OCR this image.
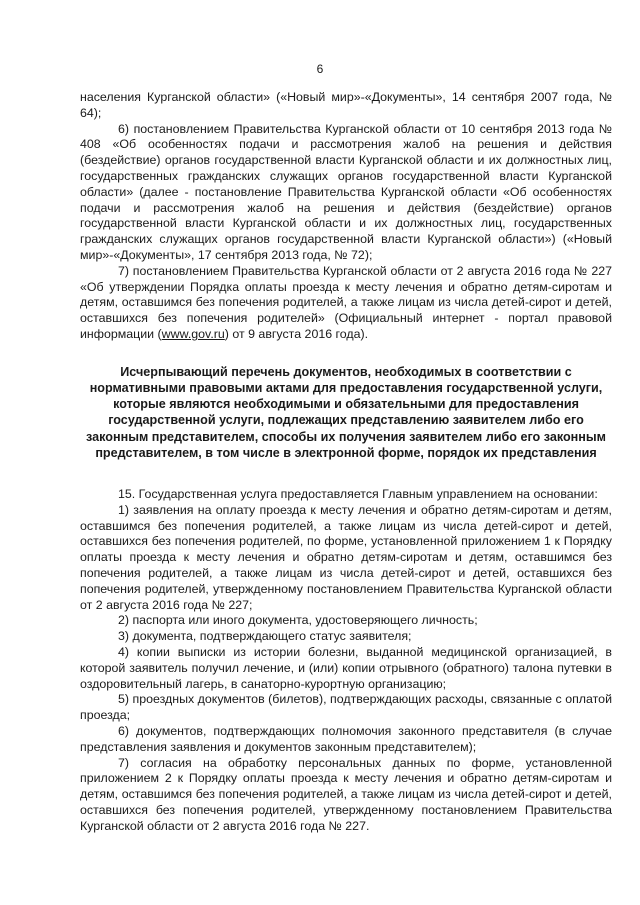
6

населения Курганской области» («Новый мир»-«Документы», 14 сентября 2007 года, № 64);

6) постановлением Правительства Курганской области от 10 сентября 2013 года № 408 «Об особенностях подачи и рассмотрения жалоб на решения и действия (бездействие) органов государственной власти Курганской области и их должностных лиц, государственных гражданских служащих органов государственной власти Курганской области» (далее - постановление Правительства Курганской области «Об особенностях подачи и рассмотрения жалоб на решения и действия (бездействие) органов государственной власти Курганской области и их должностных лиц, государственных гражданских служащих органов государственной власти Курганской области») («Новый мир»-«Документы», 17 сентября 2013 года, № 72);

7) постановлением Правительства Курганской области от 2 августа 2016 года № 227 «Об утверждении Порядка оплаты проезда к месту лечения и обратно детям-сиротам и детям, оставшимся без попечения родителей, а также лицам из числа детей-сирот и детей, оставшихся без попечения родителей» (Официальный интернет - портал правовой информации (www.gov.ru) от 9 августа 2016 года).

Исчерпывающий перечень документов, необходимых в соответствии с нормативными правовыми актами для предоставления государственной услуги, которые являются необходимыми и обязательными для предоставления государственной услуги, подлежащих представлению заявителем либо его законным представителем, способы их получения заявителем либо его законным представителем, в том числе в электронной форме, порядок их представления

15. Государственная услуга предоставляется Главным управлением на основании:

1) заявления на оплату проезда к месту лечения и обратно детям-сиротам и детям, оставшимся без попечения родителей, а также лицам из числа детей-сирот и детей, оставшихся без попечения родителей, по форме, установленной приложением 1 к Порядку оплаты проезда к месту лечения и обратно детям-сиротам и детям, оставшимся без попечения родителей, а также лицам из числа детей-сирот и детей, оставшихся без попечения родителей, утвержденному постановлением Правительства Курганской области от 2 августа 2016 года № 227;

2) паспорта или иного документа, удостоверяющего личность;

3) документа, подтверждающего статус заявителя;

4) копии выписки из истории болезни, выданной медицинской организацией, в которой заявитель получил лечение, и (или) копии отрывного (обратного) талона путевки в оздоровительный лагерь, в санаторно-курортную организацию;

5) проездных документов (билетов), подтверждающих расходы, связанные с оплатой проезда;

6) документов, подтверждающих полномочия законного представителя (в случае представления заявления и документов законным представителем);

7) согласия на обработку персональных данных по форме, установленной приложением 2 к Порядку оплаты проезда к месту лечения и обратно детям-сиротам и детям, оставшимся без попечения родителей, а также лицам из числа детей-сирот и детей, оставшихся без попечения родителей, утвержденному постановлением Правительства Курганской области от 2 августа 2016 года № 227.
